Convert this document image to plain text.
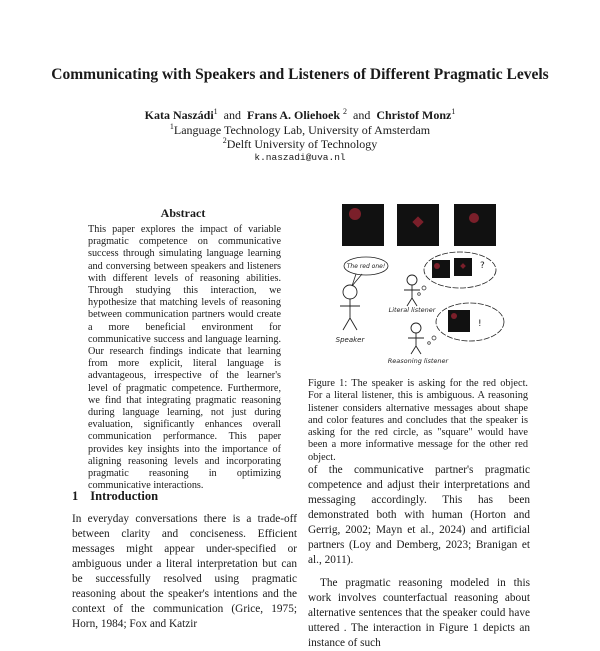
Communicating with Speakers and Listeners of Different Pragmatic Levels
Kata Naszádi$^1$ and Frans A. Oliehoek $^2$ and Christof Monz$^1$
$^1$Language Technology Lab, University of Amsterdam
$^2$Delft University of Technology
k.naszadi@uva.nl
Abstract
This paper explores the impact of variable pragmatic competence on communicative success through simulating language learning and conversing between speakers and listeners with different levels of reasoning abilities. Through studying this interaction, we hypothesize that matching levels of reasoning between communication partners would create a more beneficial environment for communicative success and language learning. Our research findings indicate that learning from more explicit, literal language is advantageous, irrespective of the learner's level of pragmatic competence. Furthermore, we find that integrating pragmatic reasoning during language learning, not just during evaluation, significantly enhances overall communication performance. This paper provides key insights into the importance of aligning reasoning levels and incorporating pragmatic reasoning in optimizing communicative interactions.
1 Introduction

In everyday conversations there is a trade-off between clarity and conciseness. Efficient messages might appear under-specified or ambiguous under a literal interpretation but can be successfully resolved using pragmatic reasoning about the speaker's intentions and the context of the communication (Grice, 1975; Horn, 1984; Fox and Katzir

The red one!	?
Literal listener
Speaker
!
Reasoning listener
Figure 1: The speaker is asking for the red object. For a literal listener, this is ambiguous. A reasoning listener considers alternative messages about shape and color features and concludes that the speaker is asking for the red circle, as "square" would have been a more informative message for the other red object.

of the communicative partner's pragmatic competence and adjust their interpretations and messaging accordingly. This has been demonstrated both with human (Horton and Gerrig, 2002; Mayn et al., 2024) and artificial partners (Loy and Demberg, 2023; Branigan et al., 2011).

The pragmatic reasoning modeled in this work involves counterfactual reasoning about alternative sentences that the speaker could have uttered . The interaction in Figure 1 depicts an instance of such
